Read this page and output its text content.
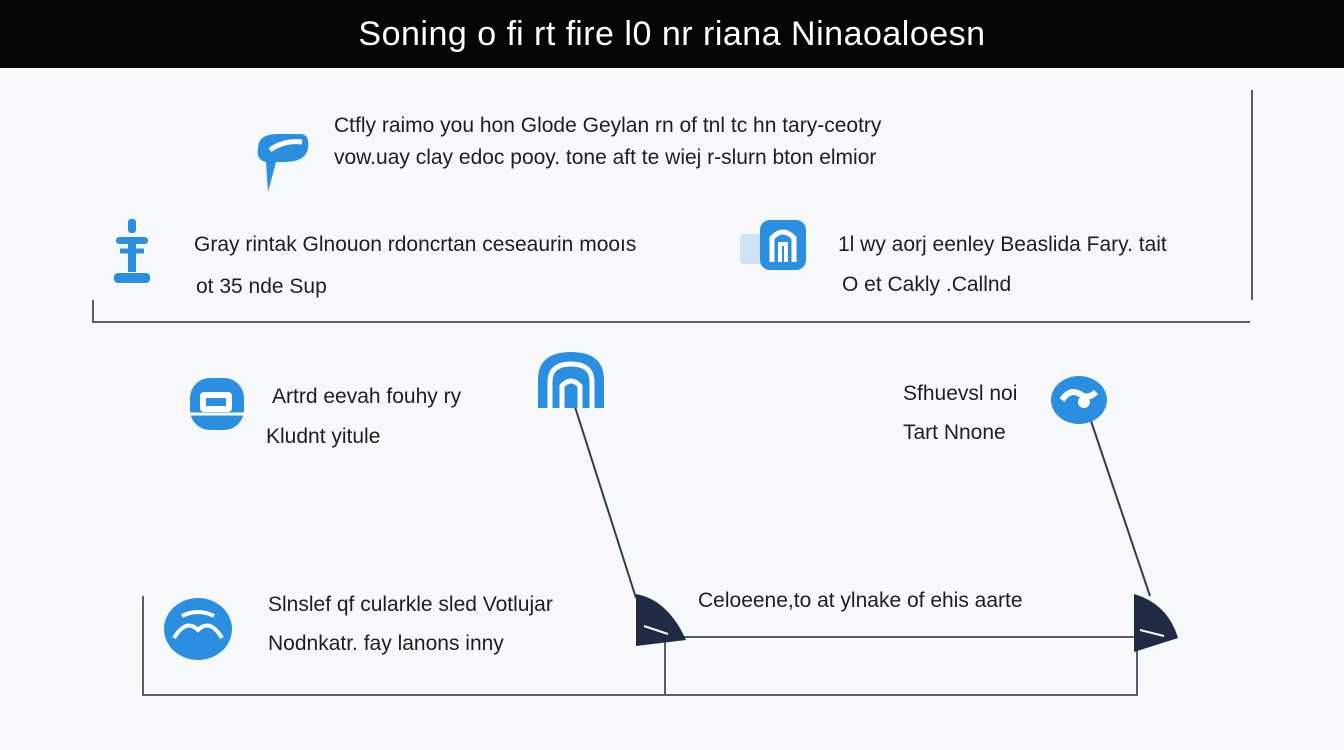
Soning ο ﬁ rt ﬁre l0 nr riana Ninaoaloesn
Ctfly raimo you hon Glode Geylan rn of tnl tc hn tary-ceotry
vow.uay clay edoc pooy. tone aft te wiej r-slurn bton elmior
Gray rintak Glnouon rdoncrtan ceseaurin mooıs
ot 35 nde Sup
1l wy aorj eenley Beaslida Fary. tait
O et Cakly .Callnd
Artrd eevah fouhy ry
Kludnt yitule
Sfhuevsl noi
Tart Nnone
Slnslef qf cularkle sled Votlujar
Nodnkatr. fay lanons inny
Celoeene,to at ylnake of ehis aarte
